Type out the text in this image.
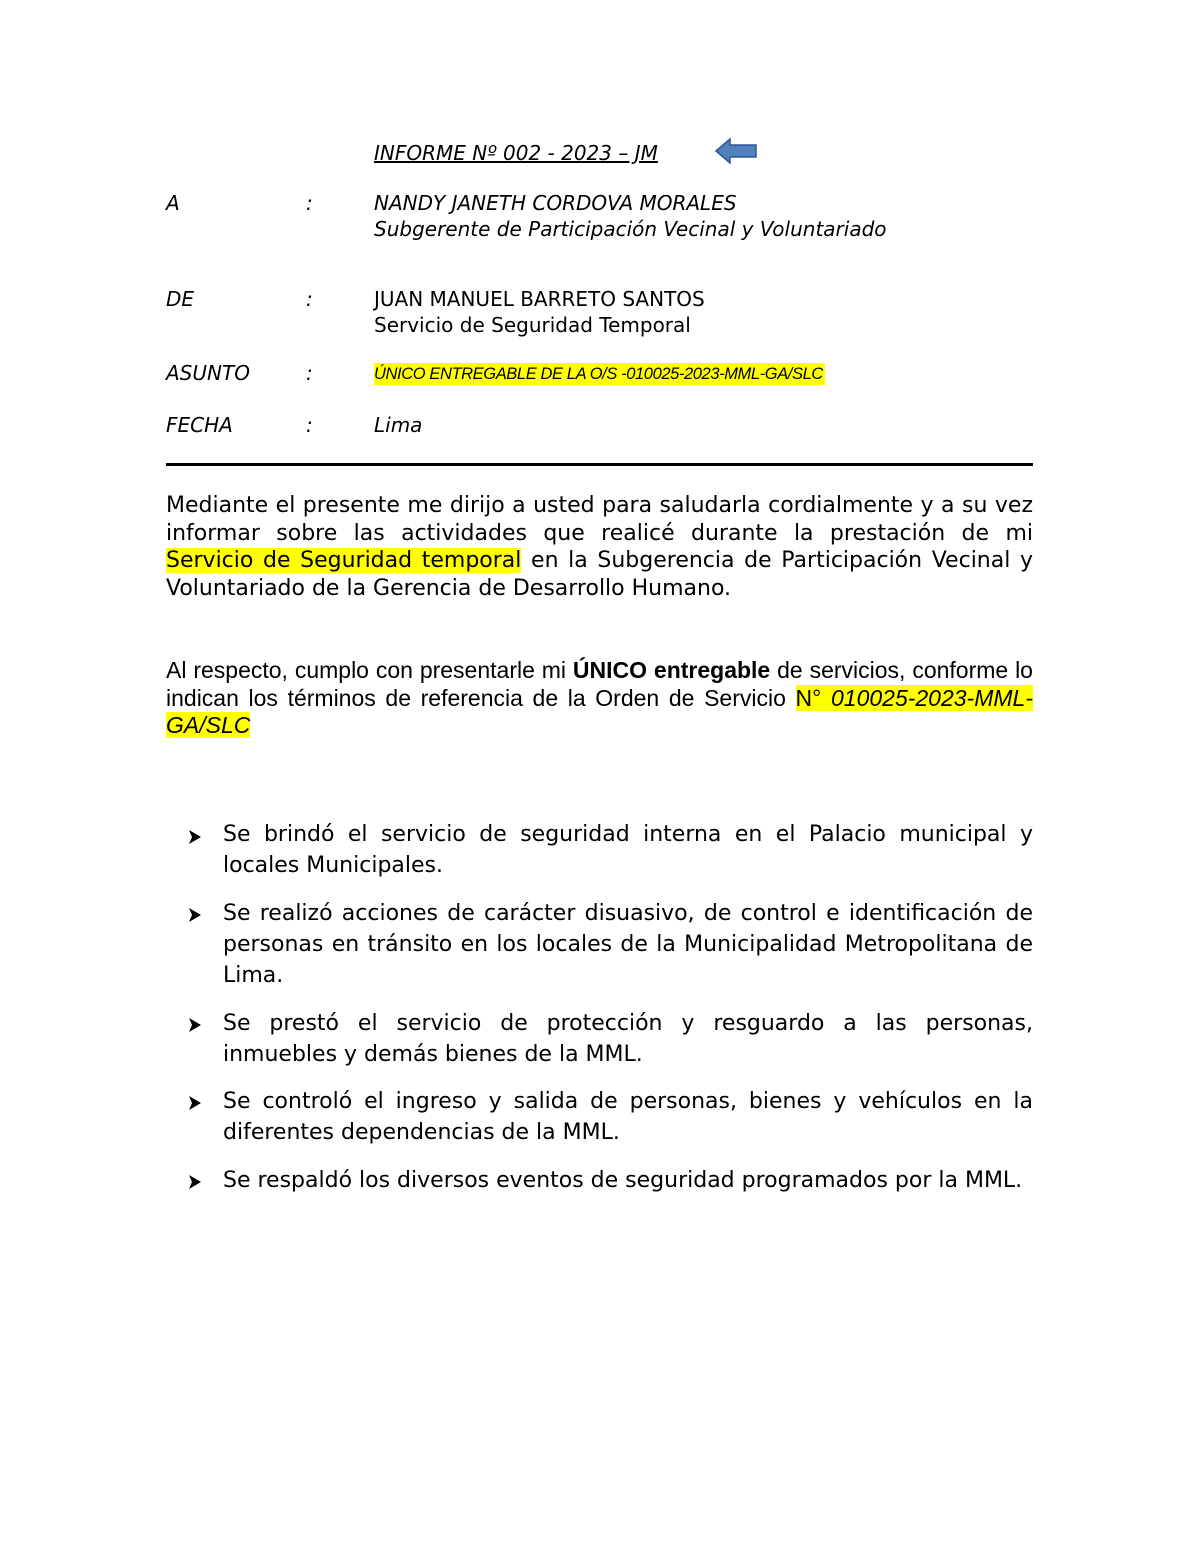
INFORME Nº 002 - 2023 – JM
A	:	NANDY JANETH CORDOVA MORALES
Subgerente de Participación Vecinal y Voluntariado
DE	:	JUAN MANUEL BARRETO SANTOS
Servicio de Seguridad Temporal
ASUNTO	:	ÚNICO ENTREGABLE DE LA O/S -010025-2023-MML-GA/SLC
FECHA	:	Lima
Mediante el presente me dirijo a usted para saludarla cordialmente y a su vez informar sobre las actividades que realicé durante la prestación de mi Servicio de Seguridad temporal en la Subgerencia de Participación Vecinal y Voluntariado de la Gerencia de Desarrollo Humano.
Al respecto, cumplo con presentarle mi ÚNICO entregable de servicios, conforme lo indican los términos de referencia de la Orden de Servicio N° 010025-2023-MML-GA/SLC
Se brindó el servicio de seguridad interna en el Palacio municipal y locales Municipales.
Se realizó acciones de carácter disuasivo, de control e identificación de personas en tránsito en los locales de la Municipalidad Metropolitana de Lima.
Se prestó el servicio de protección y resguardo a las personas, inmuebles y demás bienes de la MML.
Se controló el ingreso y salida de personas, bienes y vehículos en la diferentes dependencias de la MML.
Se respaldó los diversos eventos de seguridad programados por la MML.
